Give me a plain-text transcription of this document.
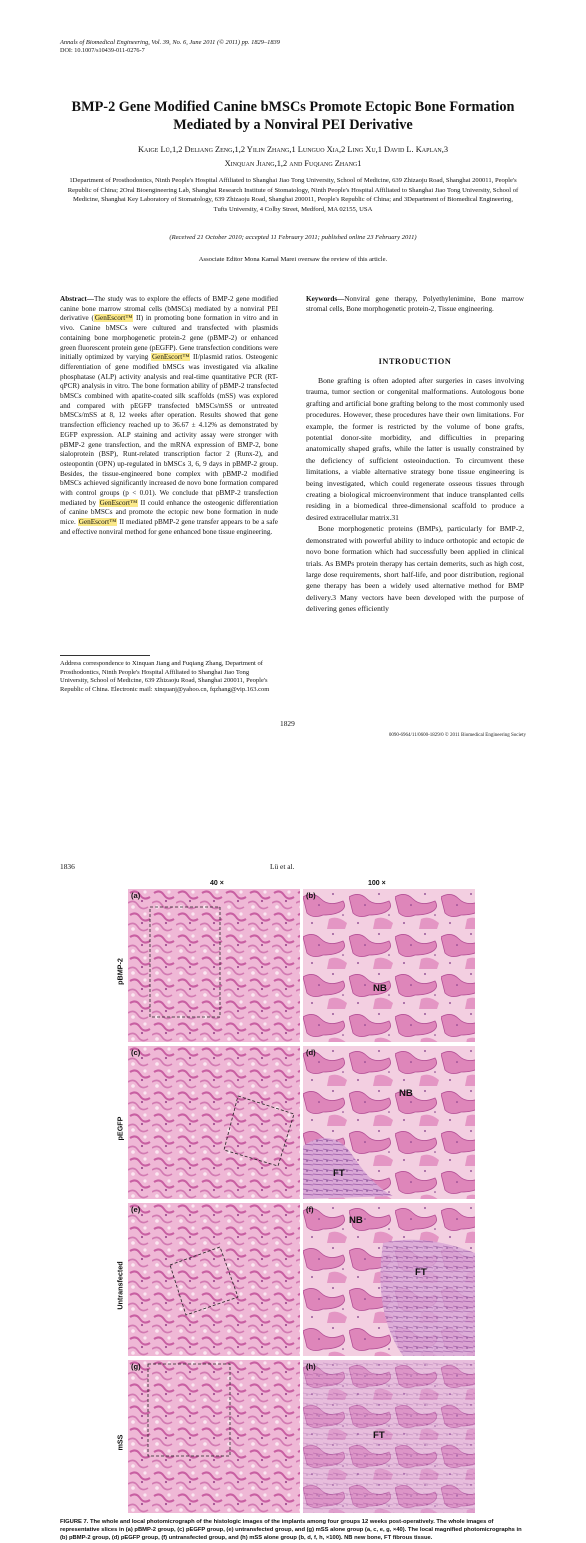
Annals of Biomedical Engineering, Vol. 39, No. 6, June 2011 (© 2011) pp. 1829–1839
DOI: 10.1007/s10439-011-0276-7
BMP-2 Gene Modified Canine bMSCs Promote Ectopic Bone Formation Mediated by a Nonviral PEI Derivative
Kaige Lü,1,2 Deliang Zeng,1,2 Yilin Zhang,1 Lunguo Xia,2 Ling Xu,1 David L. Kaplan,3
Xinquan Jiang,1,2 and Fuqiang Zhang1
1Department of Prosthodontics, Ninth People's Hospital Affiliated to Shanghai Jiao Tong University, School of Medicine, 639 Zhizaoju Road, Shanghai 200011, People's Republic of China; 2Oral Bioengineering Lab, Shanghai Research Institute of Stomatology, Ninth People's Hospital Affiliated to Shanghai Jiao Tong University, School of Medicine, Shanghai Key Laboratory of Stomatology, 639 Zhizaoju Road, Shanghai 200011, People's Republic of China; and 3Department of Biomedical Engineering, Tufts University, 4 Colby Street, Medford, MA 02155, USA
(Received 21 October 2010; accepted 11 February 2011; published online 23 February 2011)
Associate Editor Mona Kamal Marei oversaw the review of this article.
Abstract—The study was to explore the effects of BMP-2 gene modified canine bone marrow stromal cells (bMSCs) mediated by a nonviral PEI derivative (GenEscort™ II) in promoting bone formation in vitro and in vivo. Canine bMSCs were cultured and transfected with plasmids containing bone morphogenetic protein-2 gene (pBMP-2) or enhanced green fluorescent protein gene (pEGFP). Gene transfection conditions were initially optimized by varying GenEscort™ II/plasmid ratios. Osteogenic differentiation of gene modified bMSCs was investigated via alkaline phosphatase (ALP) activity analysis and real-time quantitative PCR (RT-qPCR) analysis in vitro. The bone formation ability of pBMP-2 transfected bMSCs combined with apatite-coated silk scaffolds (mSS) was explored and compared with pEGFP transfected bMSCs/mSS or untreated bMSCs/mSS at 8, 12 weeks after operation. Results showed that gene transfection efficiency reached up to 36.67 ± 4.12% as demonstrated by EGFP expression. ALP staining and activity assay were stronger with pBMP-2 gene transfection, and the mRNA expression of BMP-2, bone sialoprotein (BSP), Runt-related transcription factor 2 (Runx-2), and osteopontin (OPN) up-regulated in bMSCs 3, 6, 9 days in pBMP-2 group. Besides, the tissue-engineered bone complex with pBMP-2 modified bMSCs achieved significantly increased de novo bone formation compared with control groups (p < 0.01). We conclude that pBMP-2 transfection mediated by GenEscort™ II could enhance the osteogenic differentiation of canine bMSCs and promote the ectopic new bone formation in nude mice. GenEscort™ II mediated pBMP-2 gene transfer appears to be a safe and effective nonviral method for gene enhanced bone tissue engineering.
Keywords—Nonviral gene therapy, Polyethylenimine, Bone marrow stromal cells, Bone morphogenetic protein-2, Tissue engineering.
INTRODUCTION

Bone grafting is often adopted after surgeries in cases involving trauma, tumor section or congenital malformations. Autologous bone grafting and artificial bone grafting belong to the most commonly used procedures. However, these procedures have their own limitations. For example, the former is restricted by the volume of bone grafts, potential donor-site morbidity, and difficulties in preparing anatomically shaped grafts, while the latter is usually constrained by the deficiency of sufficient osteoinduction. To circumvent these limitations, a viable alternative strategy bone tissue engineering is being investigated, which could regenerate osseous tissues through creating a biological microenvironment that induce transplanted cells residing in a biomedical three-dimensional scaffold to produce a desired extracellular matrix.31

Bone morphogenetic proteins (BMPs), particularly for BMP-2, demonstrated with powerful ability to induce orthotopic and ectopic de novo bone formation which had successfully been applied in clinical trials. As BMPs protein therapy has certain demerits, such as high cost, large dose requirements, short half-life, and poor distribution, regional gene therapy has been a widely used alternative method for BMP delivery.3 Many vectors have been developed with the purpose of delivering genes efficiently

Address correspondence to Xinquan Jiang and Fuqiang Zhang, Department of Prosthodontics, Ninth People's Hospital Affiliated to Shanghai Jiao Tong University, School of Medicine, 639 Zhizaoju Road, Shanghai 200011, People's Republic of China. Electronic mail: xinquanj@yahoo.cn, fqzhang@vip.163.com
1829
0090-6964/11/0600-1829/0 © 2011 Biomedical Engineering Society
1836	Lü et al.
40 ×	100 ×
pBMP-2
pEGFP
Untransfected
mSS
(a)	(b)
NB
(c)	(d)
NB
FT
(e)	(f)
NB
FT
(g)	(h)
FT
FIGURE 7. The whole and local photomicrograph of the histologic images of the implants among four groups 12 weeks post-operatively. The whole images of representative slices in (a) pBMP-2 group, (c) pEGFP group, (e) untransfected group, and (g) mSS alone group (a, c, e, g, ×40). The local magnified photomicrographs in (b) pBMP-2 group, (d) pEGFP group, (f) untransfected group, and (h) mSS alone group (b, d, f, h, ×100). NB new bone, FT fibrous tissue.
